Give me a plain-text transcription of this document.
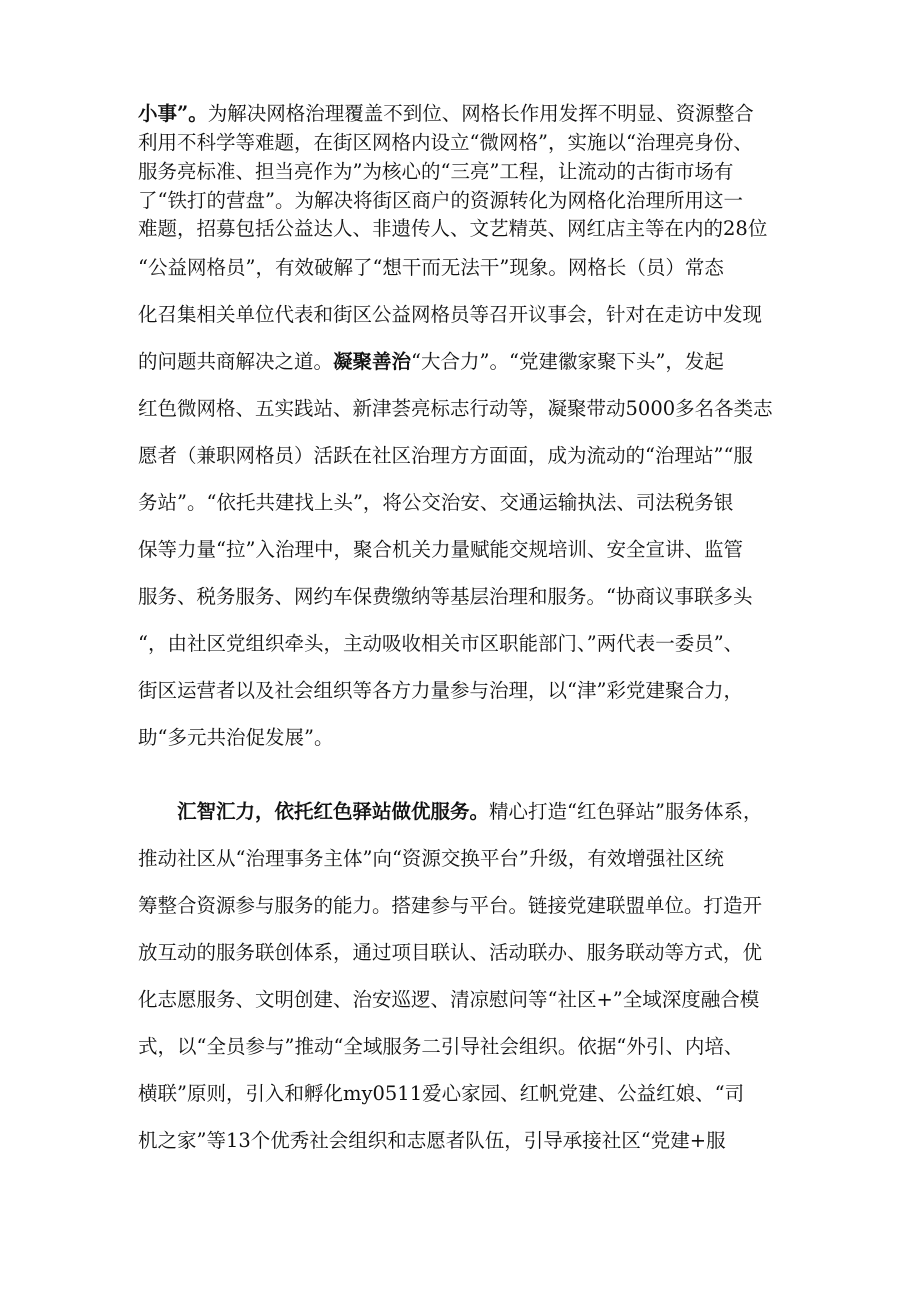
小事”。为解决网格治理覆盖不到位、网格长作用发挥不明显、资源整合
利用不科学等难题，在街区网格内设立“微网格”，实施以“治理亮身份、
服务亮标准、担当亮作为”为核心的“三亮”工程，让流动的古街市场有
了“铁打的营盘”。为解决将街区商户的资源转化为网格化治理所用这一
难题，招募包括公益达人、非遗传人、文艺精英、网红店主等在内的28位
“公益网格员”，有效破解了“想干而无法干”现象。网格长（员）常态
化召集相关单位代表和街区公益网格员等召开议事会，针对在走访中发现
的问题共商解决之道。凝聚善治“大合力”。“党建徽家聚下头”，发起
红色微网格、五实践站、新津荟亮标志行动等，凝聚带动5000多名各类志
愿者（兼职网格员）活跃在社区治理方方面面，成为流动的“治理站”“服
务站”。“依托共建找上头”，将公交治安、交通运输执法、司法税务银
保等力量“拉”入治理中，聚合机关力量赋能交规培训、安全宣讲、监管
服务、税务服务、网约车保费缴纳等基层治理和服务。“协商议事联多头
“，由社区党组织牵头，主动吸收相关市区职能部门、”两代表一委员”、
街区运营者以及社会组织等各方力量参与治理，以“津”彩党建聚合力，
助“多元共治促发展”。
汇智汇力，依托红色驿站做优服务。精心打造“红色驿站”服务体系，
推动社区从“治理事务主体”向“资源交换平台”升级，有效增强社区统
筹整合资源参与服务的能力。搭建参与平台。链接党建联盟单位。打造开
放互动的服务联创体系，通过项目联认、活动联办、服务联动等方式，优
化志愿服务、文明创建、治安巡逻、清凉慰问等“社区+”全域深度融合模
式，以“全员参与”推动“全域服务二引导社会组织。依据“外引、内培、
横联”原则，引入和孵化my0511爱心家园、红帆党建、公益红娘、“司
机之家”等13个优秀社会组织和志愿者队伍，引导承接社区“党建+服
